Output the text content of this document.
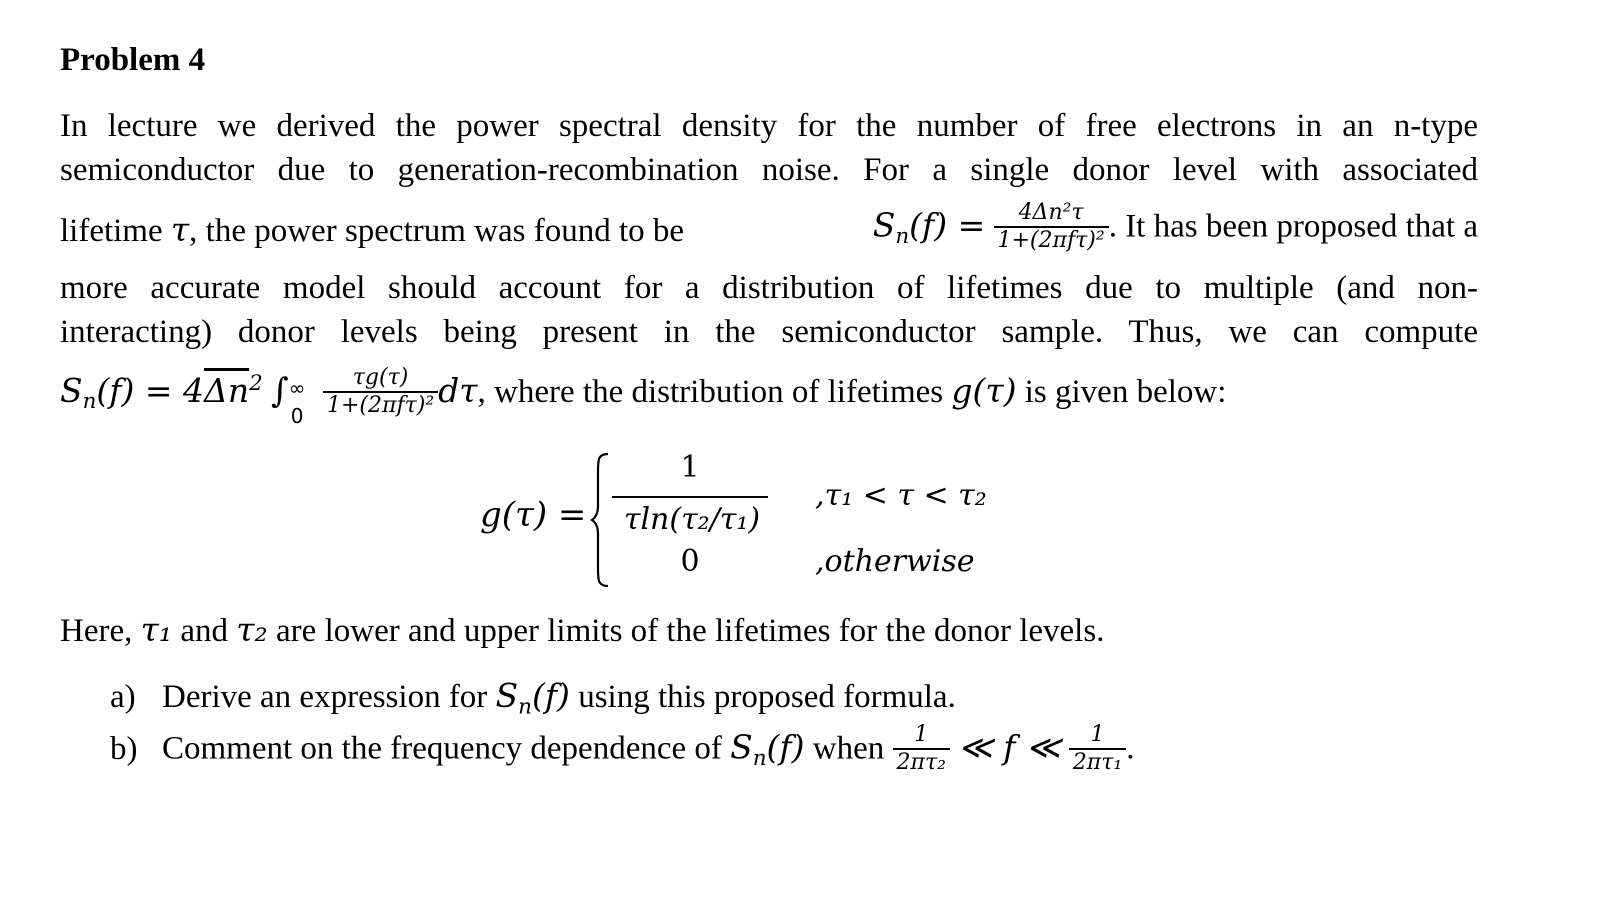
Problem 4
In lecture we derived the power spectral density for the number of free electrons in an n-type
semiconductor due to generation-recombination noise. For a single donor level with associated
lifetime τ, the power spectrum was found to be	$S_n(f) = \frac{\text{4Δn²τ}}{\text{1+(2πfτ)²}}$ . It has been proposed that a
more accurate model should account for a distribution of lifetimes due to multiple (and non-
interacting) donor levels being present in the semiconductor sample. Thus, we can compute
$S_n(f) = 4\overline{\Delta n}^2$ ∫ ∞
0
$\frac{\tau g(\tau)}{\text{1+(2πfτ)²}} d\tau$, where the distribution of lifetimes g(τ) is given below:
g(τ) =
1
τln(τ₂/τ₁)
0
,τ₁ < τ < τ₂
,otherwise
Here, τ₁ and τ₂ are lower and upper limits of the lifetimes for the donor levels.
a) Derive an expression for $S_n(f)$ using this proposed formula.
b) Comment on the frequency dependence of $S_n(f)$ when $\frac{1}{\text{2πτ₂}}$ ≪ f ≪ $\frac{1}{\text{2πτ₁}}$ .
